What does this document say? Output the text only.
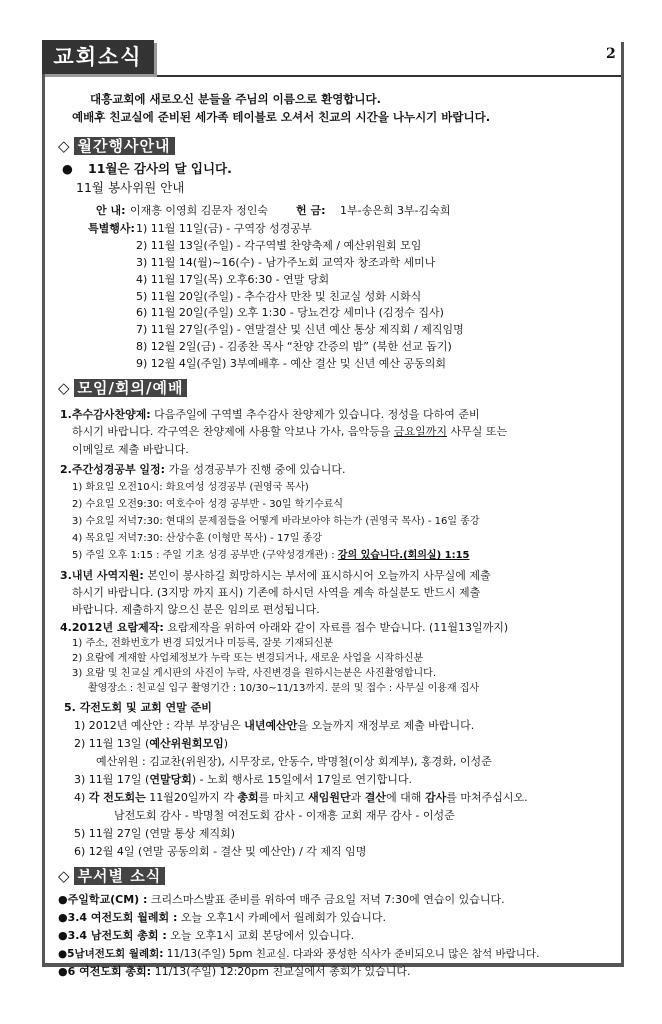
교회소식	2
대흥교회에 새로오신 분들을 주님의 이름으로 환영합니다.
예배후 친교실에 준비된 세가족 테이블로 오셔서 친교의 시간을 나누시기 바랍니다.
◇ 월간행사안내
● 11월은 감사의 달 입니다.
11월 봉사위원 안내
안 내: 이재흥 이영희 김문자 정인숙	헌 금: 1부-송은희 3부-김숙희
특별행사: 1) 11월 11일(금) - 구역장 성경공부
2) 11월 13일(주일) - 각구역별 찬양축제 / 예산위원회 모임
3) 11월 14(월)~16(수) - 남가주노회 교역자 창조과학 세미나
4) 11월 17일(목) 오후6:30 - 연말 당회
5) 11월 20일(주일) - 추수감사 만찬 및 친교실 성화 시화식
6) 11월 20일(주일) 오후 1:30 - 당뇨건강 세미나 (김정수 집사)
7) 11월 27일(주일) - 연말결산 및 신년 예산 통상 제직회 / 제직임명
8) 12월 2일(금) - 김종찬 목사 “찬양 간증의 밤” (북한 선교 돕기)
9) 12월 4일(주일) 3부예배후 - 예산 결산 및 신년 예산 공동의회
◇ 모임/회의/예배
1.추수감사찬양제: 다음주일에 구역별 추수감사 찬양제가 있습니다. 정성을 다하여 준비
하시기 바랍니다. 각구역은 찬양제에 사용할 악보나 가사, 음악등을 금요일까지 사무실 또는
이메일로 제출 바랍니다.
2.주간성경공부 일정: 가을 성경공부가 진행 중에 있습니다.
1) 화요일 오전10시: 화요여성 성경공부 (권영국 목사)
2) 수요일 오전9:30: 여호수아 성경 공부반 - 30일 학기수료식
3) 수요일 저녁7:30: 현대의 문제점들을 어떻게 바라보아야 하는가 (권영국 목사) - 16일 종강
4) 목요일 저녁7:30: 산상수훈 (이형만 목사) - 17일 종강
5) 주일 오후 1:15 : 주일 기초 성경 공부반 (구약성경개관) : 강의 있습니다.(회의실) 1:15
3.내년 사역지원: 본인이 봉사하길 희망하시는 부서에 표시하시어 오늘까지 사무실에 제출
하시기 바랍니다. (3지망 까지 표시) 기존에 하시던 사역을 계속 하실분도 반드시 제출
바랍니다. 제출하지 않으신 분은 임의로 편성됩니다.
4.2012년 요람제작: 요람제작을 위하여 아래와 같이 자료를 접수 받습니다. (11월13일까지)
1) 주소, 전화번호가 변경 되었거나 미등록, 잘못 기재되신분
2) 요람에 게재할 사업체정보가 누락 또는 변경되거나, 새로운 사업을 시작하신분
3) 요람 및 친교실 게시판의 사진이 누락, 사진변경을 원하시는분은 사진촬영합니다.
촬영장소 : 친교실 입구 촬영기간 : 10/30~11/13까지. 문의 및 접수 : 사무실 이용재 집사
5. 각전도회 및 교회 연말 준비
1) 2012년 예산안 : 각부 부장님은 내년예산안을 오늘까지 재정부로 제출 바랍니다.
2) 11월 13일 (예산위원회모임)
예산위원 : 김교찬(위원장), 시무장로, 안동수, 박명철(이상 회계부), 홍경화, 이성준
3) 11월 17일 (연말당회) - 노회 행사로 15일에서 17일로 연기합니다.
4) 각 전도회는 11월20일까지 각 총회를 마치고 새임원단과 결산에 대해 감사를 마쳐주십시오.
남전도회 감사 - 박명철 여전도회 감사 - 이재흥 교회 재무 감사 - 이성준
5) 11월 27일 (연말 통상 제직회)
6) 12월 4일 (연말 공동의회 - 결산 및 예산안) / 각 제직 임명
◇ 부서별 소식
●주일학교(CM) : 크리스마스발표 준비를 위하여 매주 금요일 저녁 7:30에 연습이 있습니다.
●3.4 여전도회 월례회 : 오늘 오후1시 카페에서 월례회가 있습니다.
●3.4 남전도회 총회 : 오늘 오후1시 교회 본당에서 있습니다.
●5남녀전도회 월례회: 11/13(주일) 5pm 친교실. 다과와 풍성한 식사가 준비되오니 많은 참석 바랍니다.
●6 여전도회 총회: 11/13(주일) 12:20pm 친교실에서 총회가 있습니다.
